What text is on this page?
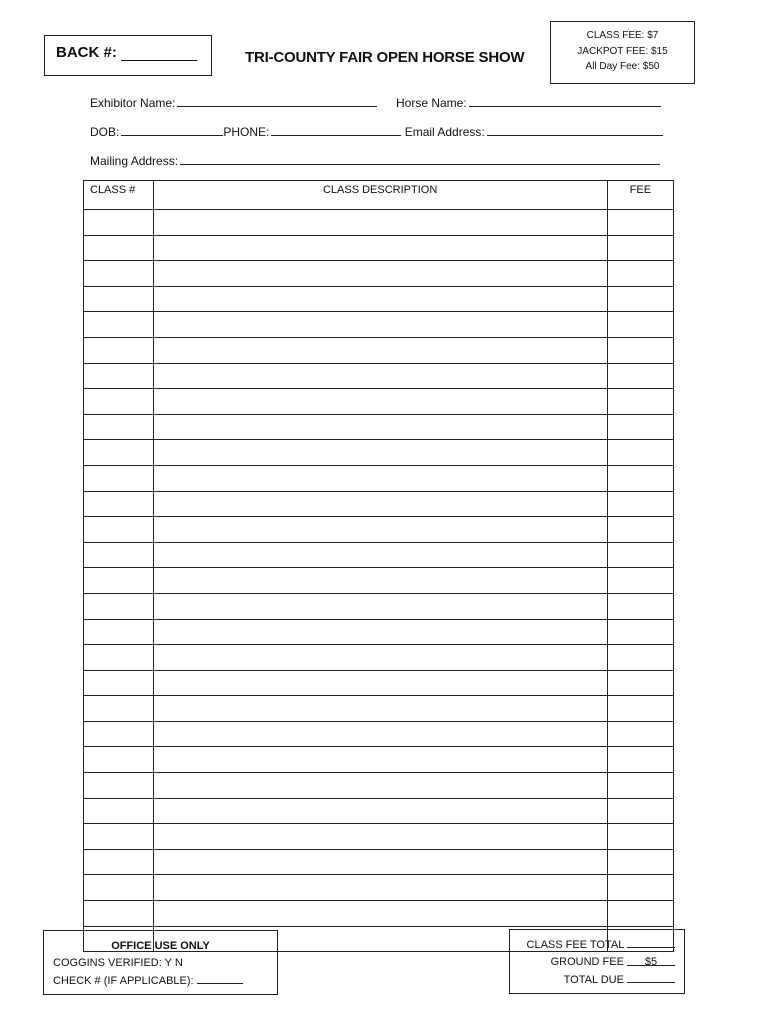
BACK #:	TRI-COUNTY FAIR OPEN HORSE SHOW
CLASS FEE: $7
JACKPOT FEE: $15
All Day Fee: $50
Exhibitor Name:	Horse Name:
DOB:	PHONE:	Email Address:
Mailing Address:
CLASS #	CLASS DESCRIPTION	FEE

OFFICE USE ONLY
COGGINS VERIFIED: Y N
CHECK # (IF APPLICABLE):
CLASS FEE TOTAL
GROUND FEE $5
TOTAL DUE
